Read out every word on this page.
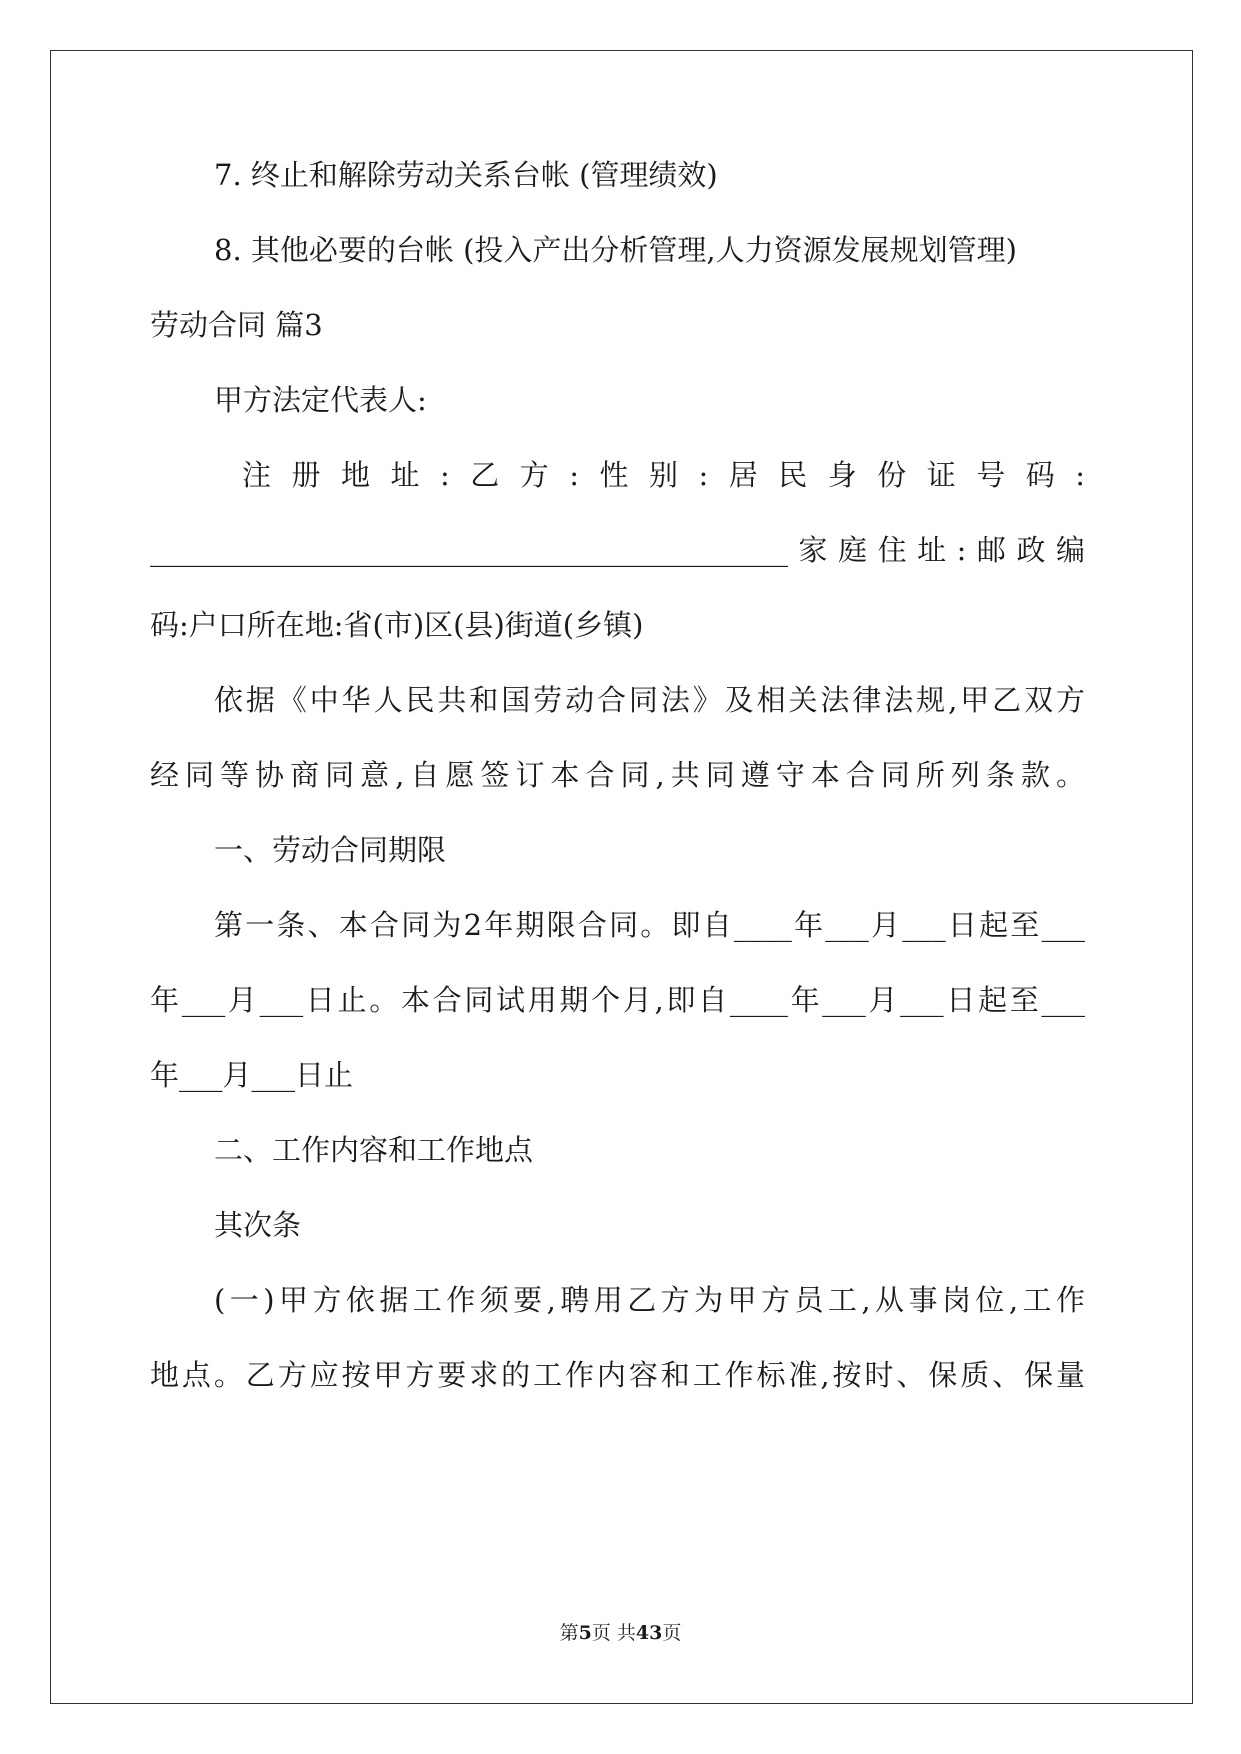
7. 终止和解除劳动关系台帐 (管理绩效)
8. 其他必要的台帐 (投入产出分析管理,人力资源发展规划管理)
劳动合同 篇3
甲方法定代表人:
注册地址:乙方:性别:居民身份证号码:
____________________________________________家庭住址:邮政编
码:户口所在地:省(市)区(县)街道(乡镇)
依据《中华人民共和国劳动合同法》及相关法律法规,甲乙双方
经同等协商同意,自愿签订本合同,共同遵守本合同所列条款。
一、劳动合同期限
第一条、本合同为2年期限合同。即自____年___月___日起至___
年___月___日止。本合同试用期个月,即自____年___月___日起至___
年___月___日止
二、工作内容和工作地点
其次条
(一)甲方依据工作须要,聘用乙方为甲方员工,从事岗位,工作
地点。乙方应按甲方要求的工作内容和工作标准,按时、保质、保量
第5页 共43页
